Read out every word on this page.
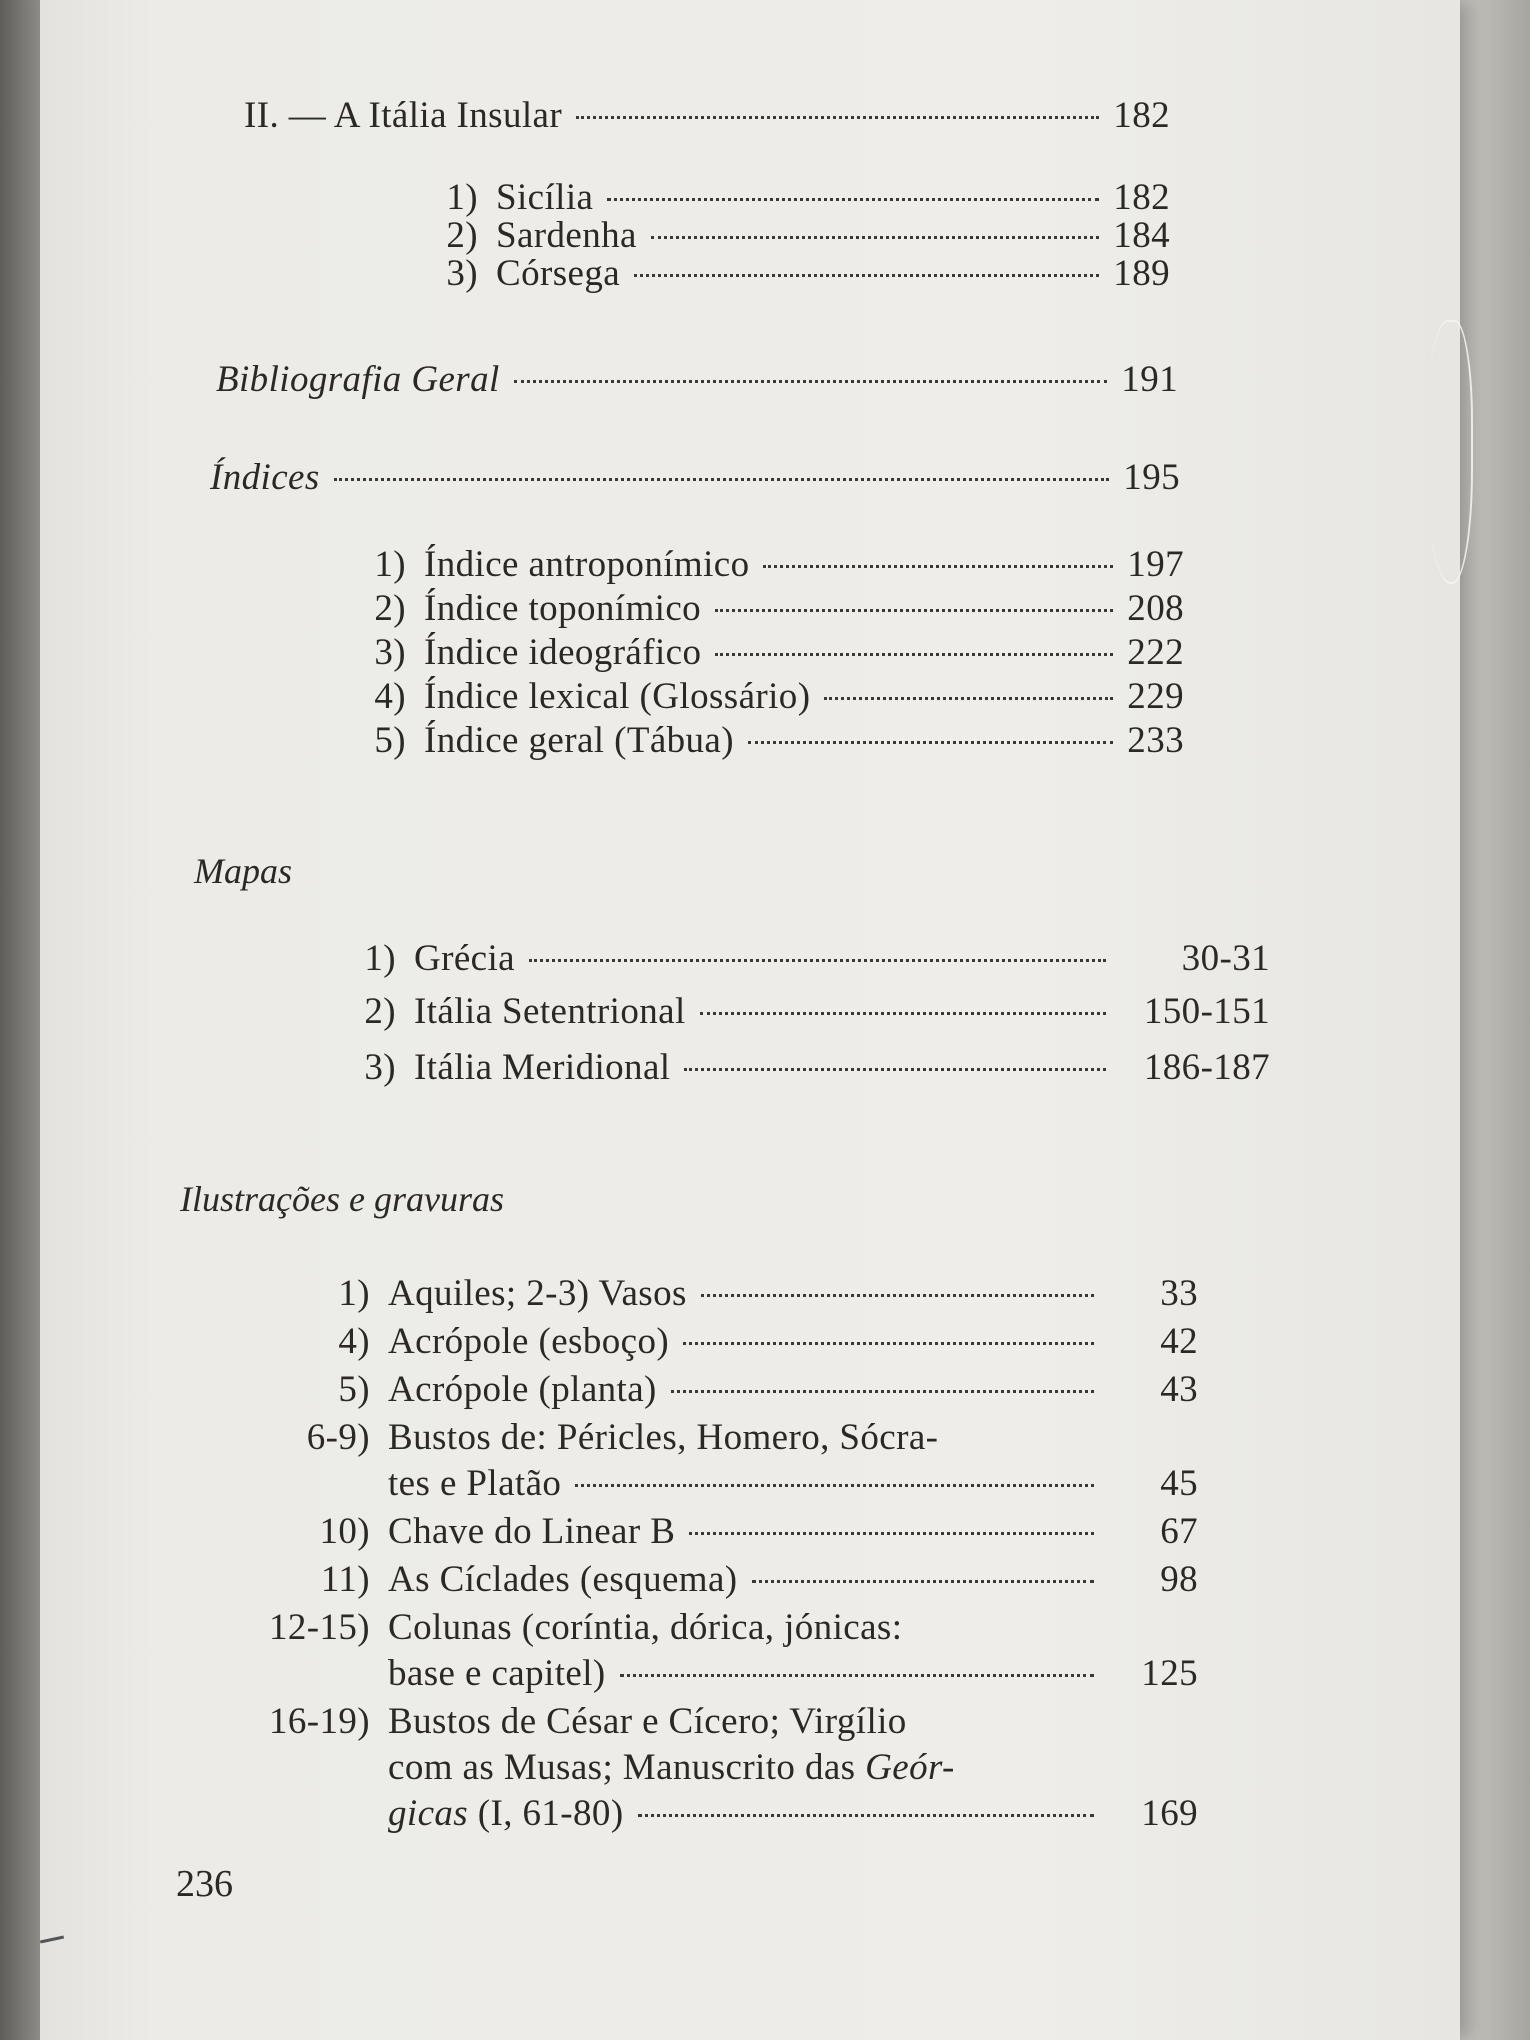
II. — A Itália Insular	182
1) Sicília	182
2) Sardenha	184
3) Córsega	189
Bibliografia Geral	191
Índices	195
1) Índice antroponímico	197
2) Índice toponímico	208
3) Índice ideográfico	222
4) Índice lexical (Glossário)	229
5) Índice geral (Tábua)	233
Mapas
1) Grécia	30-31
2) Itália Setentrional	150-151
3) Itália Meridional	186-187
Ilustrações e gravuras
1) Aquiles; 2-3) Vasos	33
4) Acrópole (esboço)	42
5) Acrópole (planta)	43
6-9) Bustos de: Péricles, Homero, Sócra-
tes e Platão	45
10) Chave do Linear B	67
11) As Cíclades (esquema)	98
12-15) Colunas (coríntia, dórica, jónicas:
base e capitel)	125
16-19) Bustos de César e Cícero; Virgílio
com as Musas; Manuscrito das Geór-
gicas (I, 61-80)	169
236
